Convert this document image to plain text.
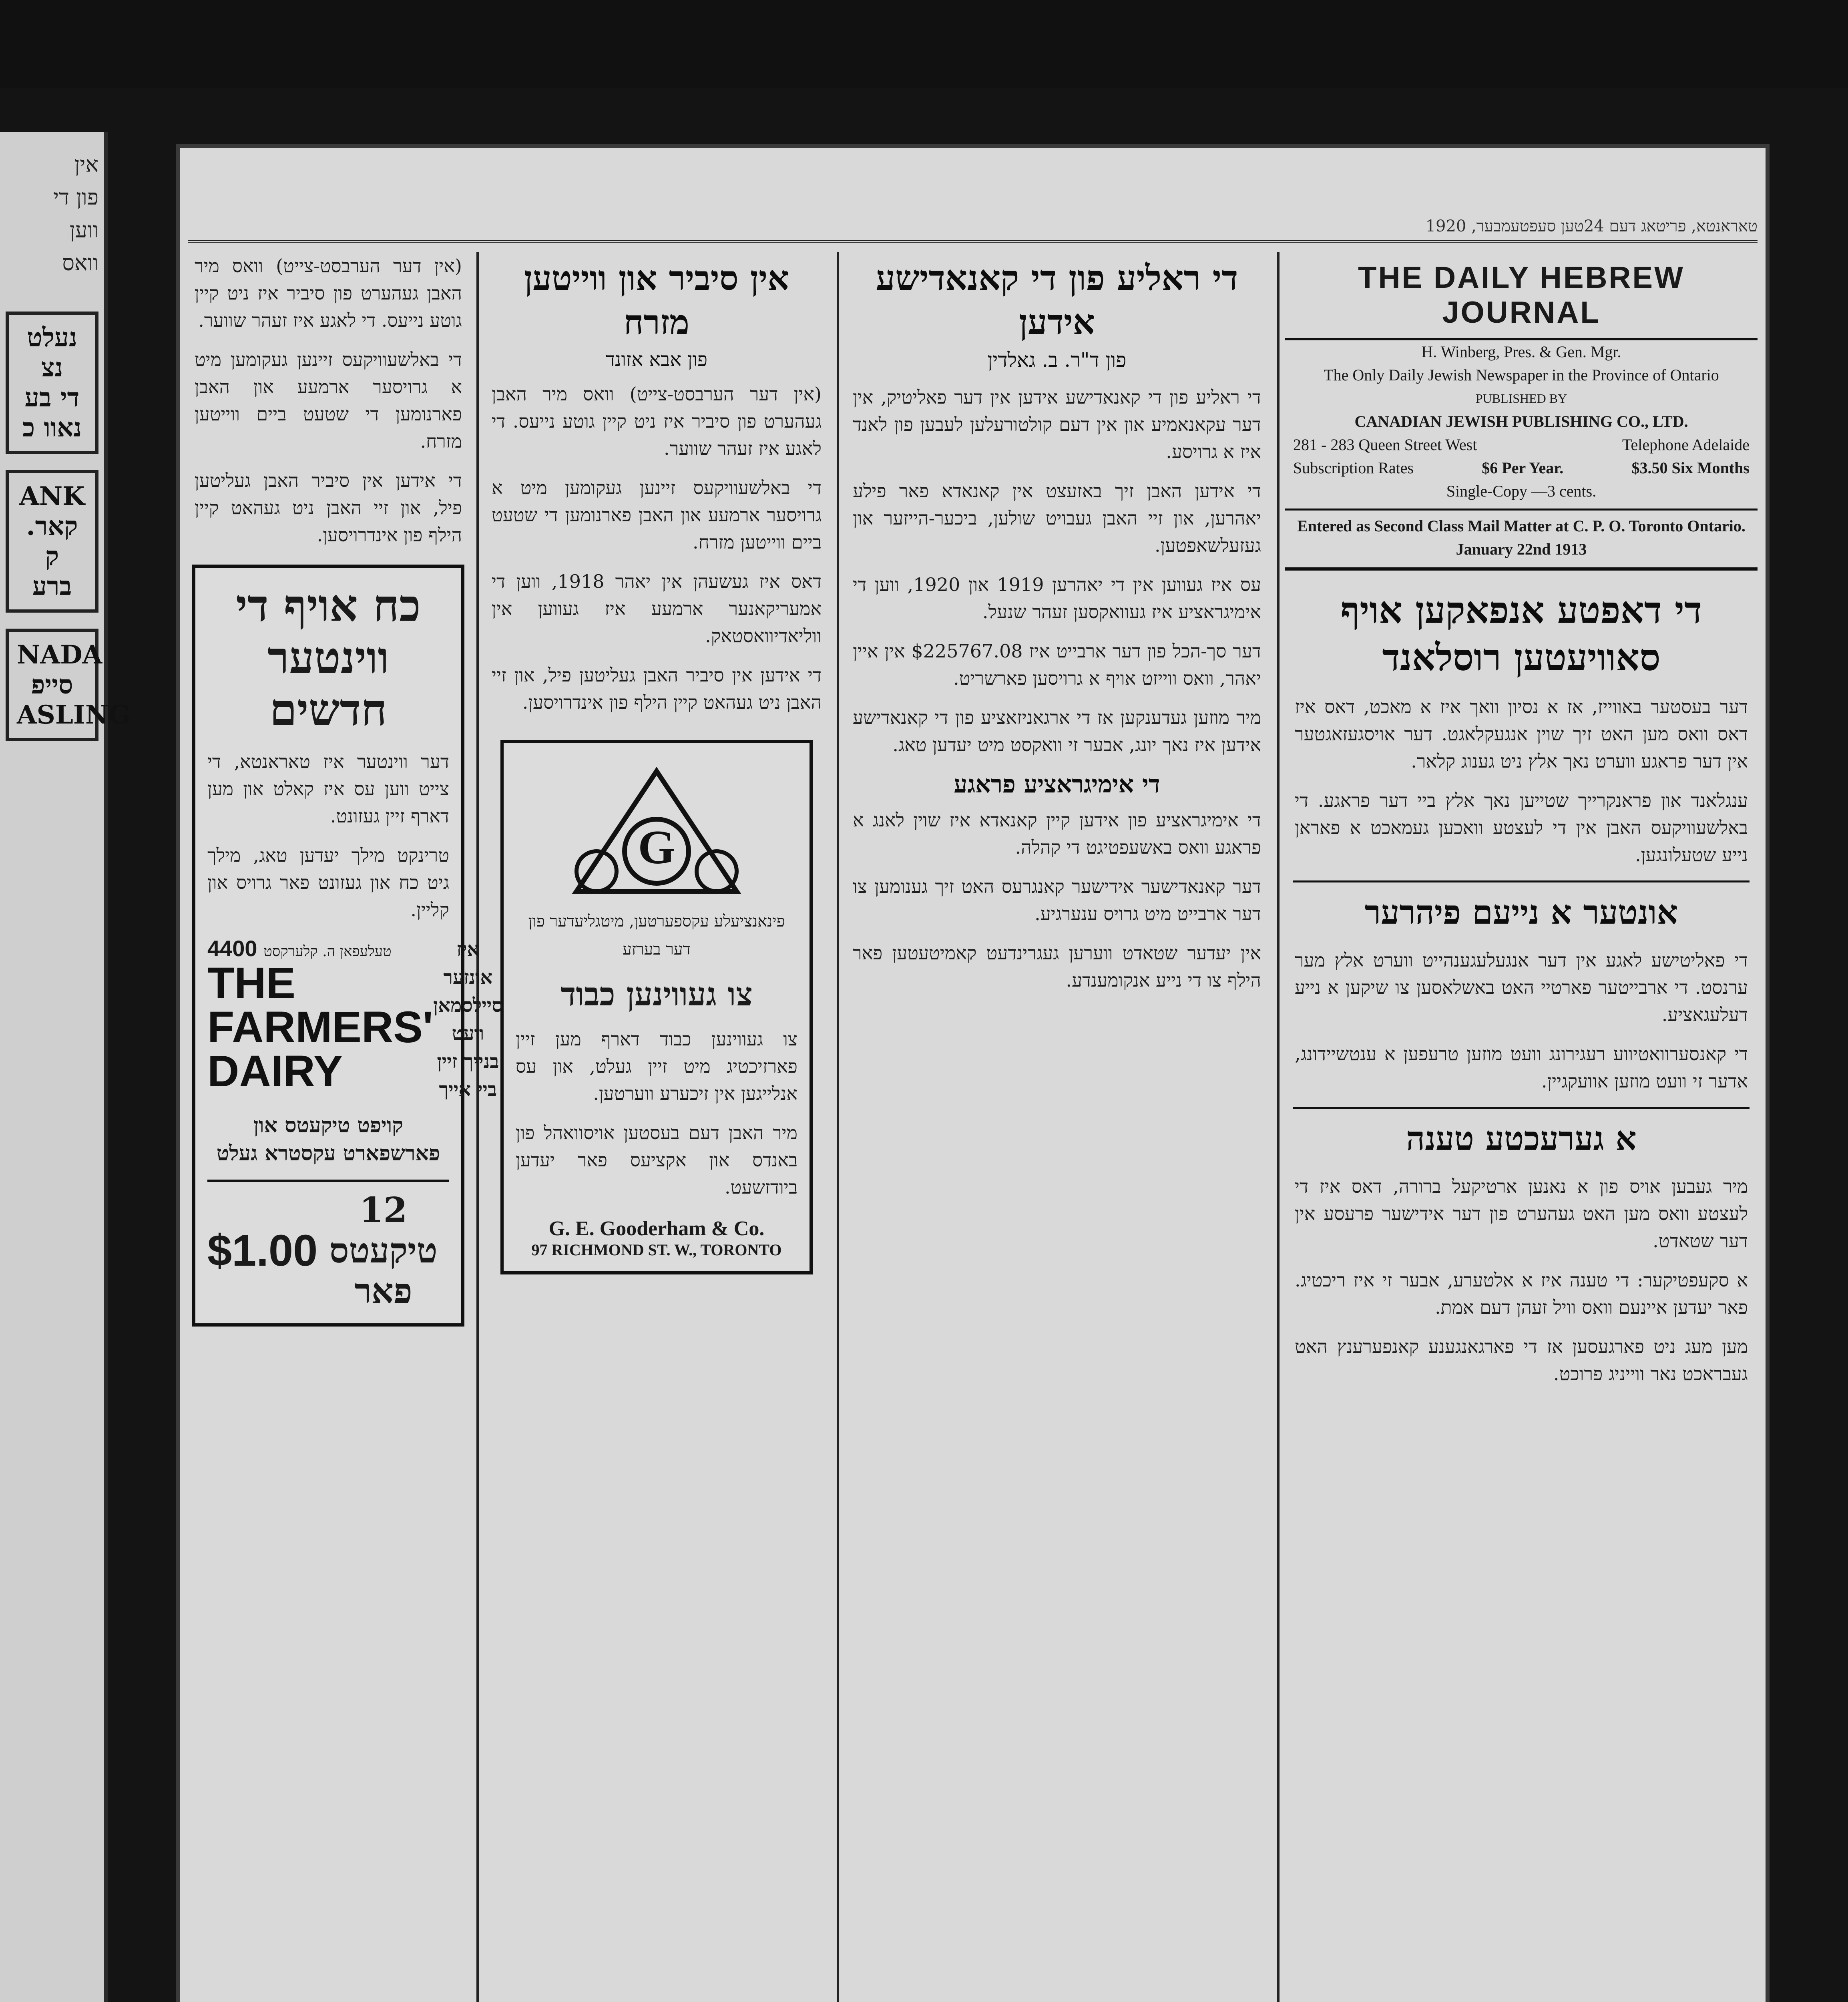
אין
פון די
ווען
וואס
נעלט
נצ
די בע
נאוו כ
ANK
קאר. ק
ברע
NADA
סייפ
ASLING
טאראנטא, פריטאג דעם 24טען סעפטעמבער, 1920
THE DAILY HEBREW JOURNAL
H. Winberg, Pres. & Gen. Mgr.
The Only Daily Jewish Newspaper in the Province of Ontario
PUBLISHED BY
CANADIAN JEWISH PUBLISHING CO., LTD.
281 - 283 Queen Street West	Telephone Adelaide
Subscription Rates	$6 Per Year.	$3.50 Six Months
Single-Copy —3 cents.
Entered as Second Class Mail Matter at C. P. O. Toronto Ontario.
January 22nd 1913
די דאפטע אנפאקען אויף סאוויעטען רוסלאנד

דער בעסטער באווייז, אז א נסיון וואך איז א מאכט, דאס איז דאס וואס מען האט זיך שוין אנגעקלאגט. דער אויסגעזאגטער אין דער פראגע ווערט נאך אלץ ניט גענוג קלאר.

ענגלאנד און פראנקרייך שטייען נאך אלץ ביי דער פראגע. די באלשעוויקעס האבן אין די לעצטע וואכען געמאכט א פאראן נייע שטעלונגען.

אונטער א נייעם פיהרער

די פאליטישע לאגע אין דער אנגעלעגענהייט ווערט אלץ מער ערנסט. די ארבייטער פארטיי האט באשלאסען צו שיקען א נייע דעלעגאציע.

די קאנסערוואטיווע רעגירונג וועט מוזען טרעפען א ענטשיידונג, אדער זי וועט מוזען אוועקגיין.

א גערעכטע טענה

מיר געבען אויס פון א נאנען ארטיקעל ברורה, דאס איז די לעצטע וואס מען האט געהערט פון דער אידישער פרעסע אין דער שטאדט.

א סקעפטיקער: די טענה איז א אלטערע, אבער זי איז ריכטיג. פאר יעדען איינעם וואס וויל זעהן דעם אמת.

מען מעג ניט פארגעסען אז די פארגאנגענע קאנפערענץ האט געבראכט נאר ווייניג פרוכט.

די ראליע פון די קאנאדישע אידען
פון ד"ר. ב. גאלדין

די ראליע פון די קאנאדישע אידען אין דער פאליטיק, אין דער עקאנאמיע און אין דעם קולטורעלען לעבען פון לאנד איז א גרויסע.

די אידען האבן זיך באזעצט אין קאנאדא פאר פילע יאהרען, און זיי האבן געבויט שולען, ביכער-הייזער און געזעלשאפטען.

עס איז געווען אין די יאהרען 1919 און 1920, ווען די אימיגראציע איז געוואקסען זעהר שנעל.

דער סך-הכל פון דער ארבייט איז $225767.08 אין איין יאהר, וואס ווייזט אויף א גרויסען פארשריט.

מיר מוזען געדענקען אז די ארגאניזאציע פון די קאנאדישע אידען איז נאך יונג, אבער זי וואקסט מיט יעדען טאג.

די אימיגראציע פראגע

די אימיגראציע פון אידען קיין קאנאדא איז שוין לאנג א פראגע וואס באשעפטיגט די קהלה.

דער קאנאדישער אידישער קאנגרעס האט זיך גענומען צו דער ארבייט מיט גרויס ענערגיע.

אין יעדער שטאדט ווערען געגרינדעט קאמיטעטען פאר הילף צו די נייע אנקומענדע.

אין סיביר און ווייטען מזרח
פון אבא אזונד

(אין דער הערבסט-צייט) וואס מיר האבן געהערט פון סיביר איז ניט קיין גוטע נייעס. די לאגע איז זעהר שווער.

די באלשעוויקעס זיינען געקומען מיט א גרויסער ארמעע און האבן פארנומען די שטעט ביים ווייטען מזרח.

דאס איז געשעהן אין יאהר 1918, ווען די אמעריקאנער ארמעע איז געווען אין ווליאדיוואסטאק.

די אידען אין סיביר האבן געליטען פיל, און זיי האבן ניט געהאט קיין הילף פון אינדרויסען.

G
פינאנציעלע עקספערטען, מיטגליעדער פון דער בערזע
צו געווינען כבוד

צו געווינען כבוד דארף מען זיין פארזיכטיג מיט זיין געלט, און עס אנלייגען אין זיכערע ווערטען.

מיר האבן דעם בעסטען אויסוואהל פון באנדס און אקציעס פאר יעדען ביודזשעט.

G. E. Gooderham & Co.
97 RICHMOND ST. W., TORONTO

(אין דער הערבסט-צייט) וואס מיר האבן געהערט פון סיביר איז ניט קיין גוטע נייעס. די לאגע איז זעהר שווער.

די באלשעוויקעס זיינען געקומען מיט א גרויסער ארמעע און האבן פארנומען די שטעט ביים ווייטען מזרח.

די אידען אין סיביר האבן געליטען פיל, און זיי האבן ניט געהאט קיין הילף פון אינדרויסען.

כח אויף די ווינטער חדשים

דער ווינטער איז טאראנטא, די צייט ווען עס איז קאלט און מען דארף זיין געזונט.

טרינקט מילך יעדען טאג, מילך גיט כח און געזונט פאר גרויס און קליין.

4400 טעלעפאן ה. קלערקסט
THE
FARMERS'
DAIRY
איז אונזער סיילסמאן וועט בנייך זיין ביי אייך
קויפט טיקעטס און פארשפארט עקסטרא געלט
$1.00
12 טיקעטס פאר
